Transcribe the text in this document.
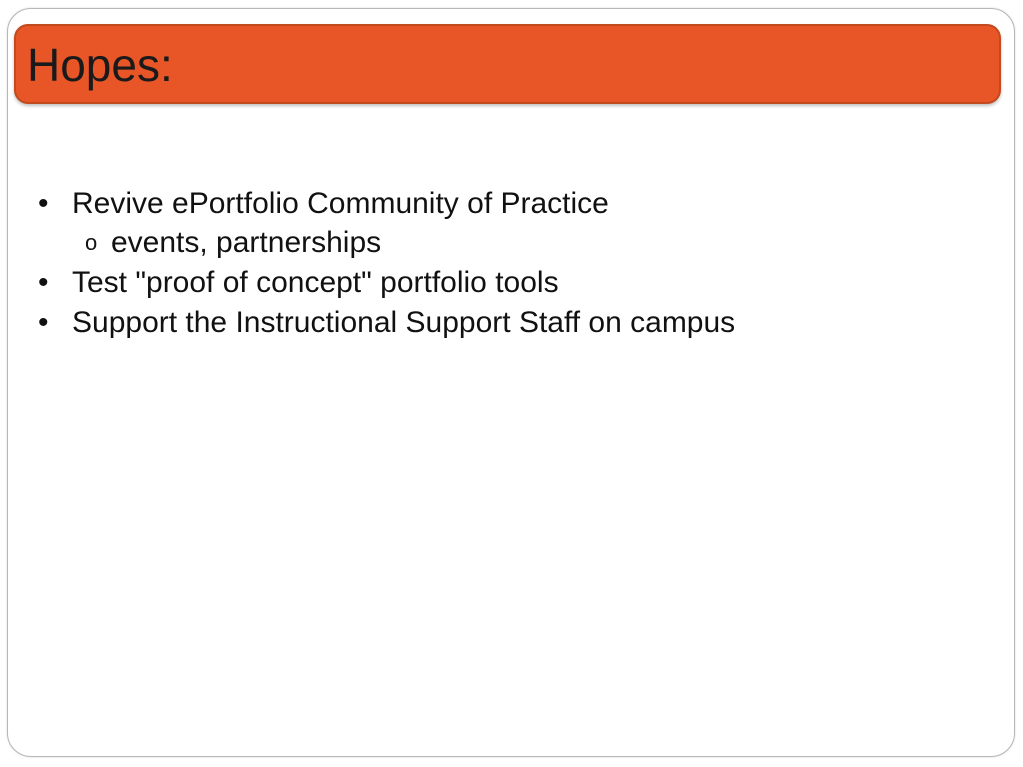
Hopes:
• Revive ePortfolio Community of Practice
o events, partnerships
• Test "proof of concept" portfolio tools
• Support the Instructional Support Staff on campus
